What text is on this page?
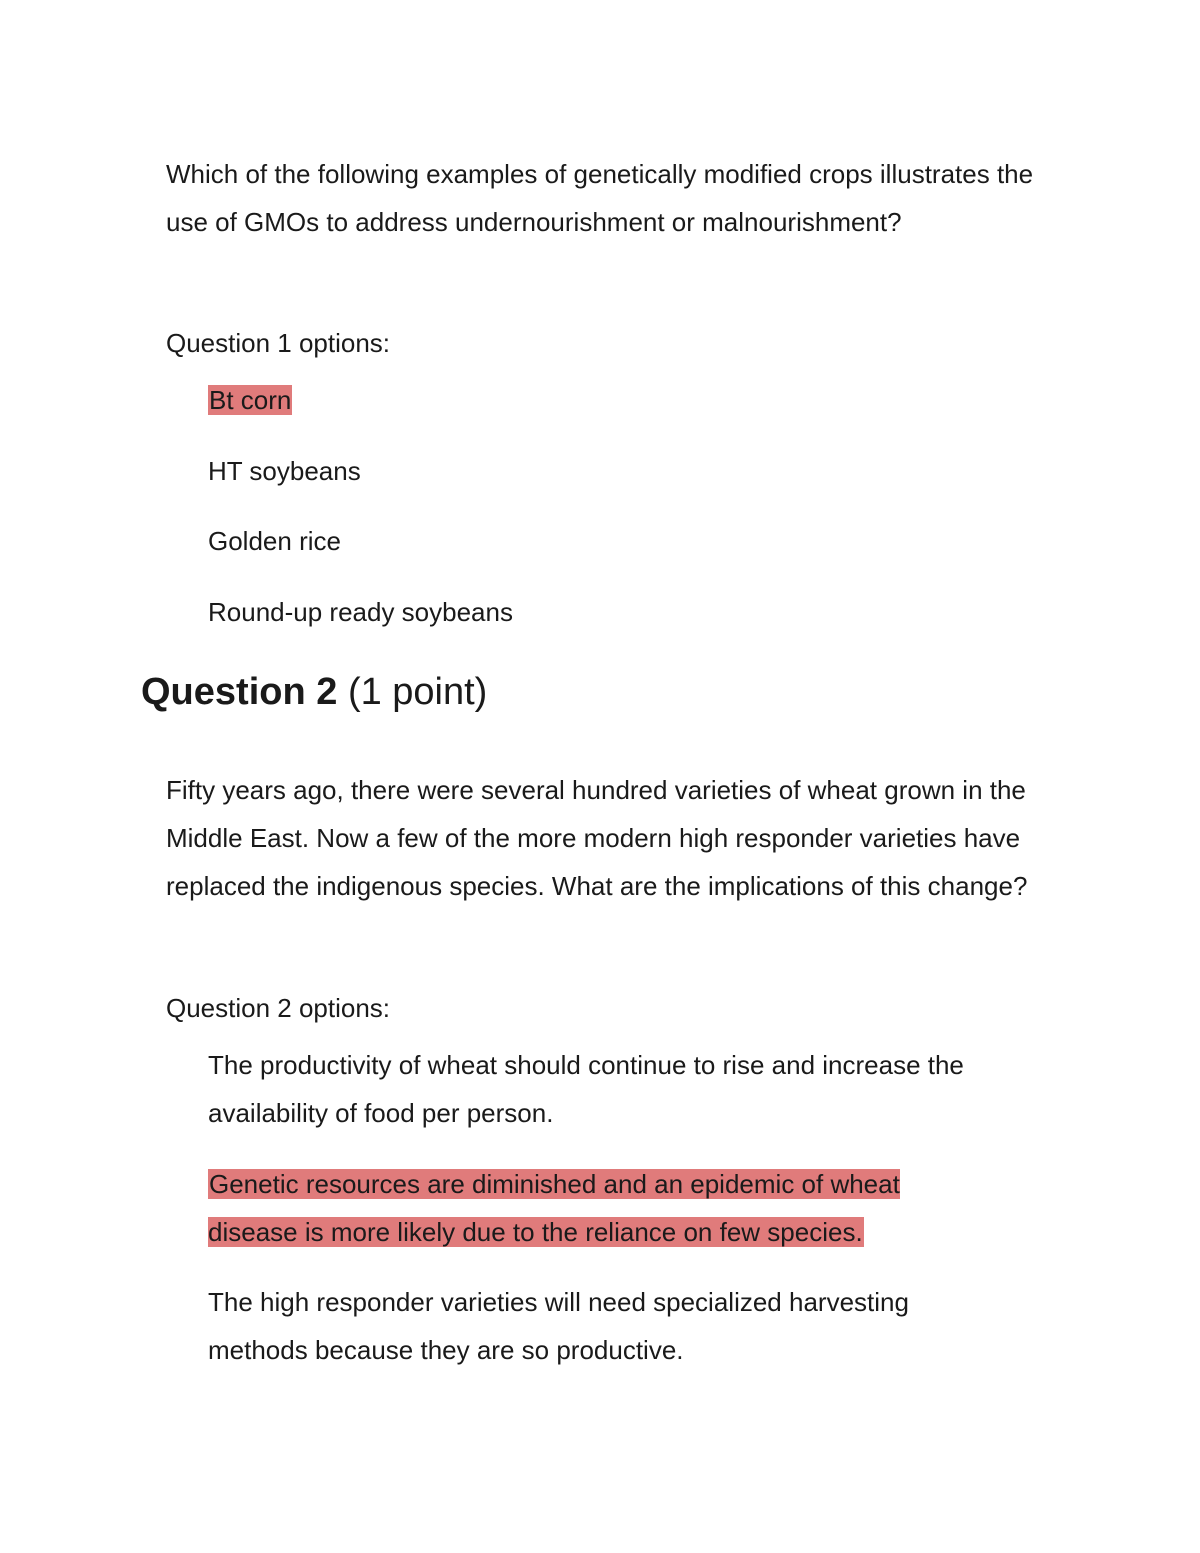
Which of the following examples of genetically modified crops illustrates the use of GMOs to address undernourishment or malnourishment?
Question 1 options:
Bt corn
HT soybeans
Golden rice
Round-up ready soybeans
Question 2 (1 point)
Fifty years ago, there were several hundred varieties of wheat grown in the Middle East. Now a few of the more modern high responder varieties have replaced the indigenous species. What are the implications of this change?
Question 2 options:
The productivity of wheat should continue to rise and increase the availability of food per person.
Genetic resources are diminished and an epidemic of wheat disease is more likely due to the reliance on few species.
The high responder varieties will need specialized harvesting methods because they are so productive.
